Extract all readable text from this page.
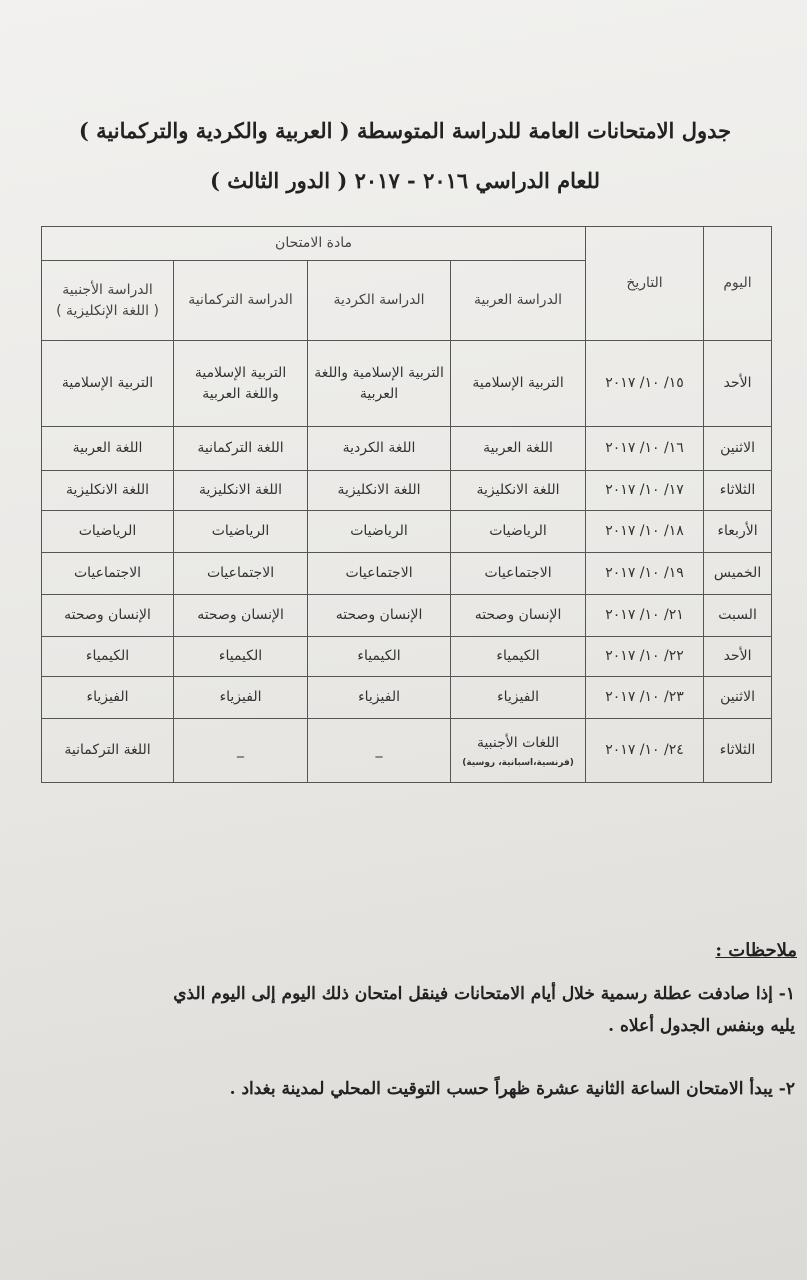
جدول الامتحانات العامة للدراسة المتوسطة ( العربية والكردية والتركمانية )
للعام الدراسي ٢٠١٦ - ٢٠١٧ ( الدور الثالث )
اليوم	التاريخ	مادة الامتحان			
		الدراسة العربية	الدراسة الكردية	الدراسة التركمانية	الدراسة الأجنبية
( اللغة الإنكليزية )
الأحد	١٥/ ١٠/ ٢٠١٧	التربية الإسلامية	التربية الإسلامية واللغة العربية	التربية الإسلامية واللغة العربية	التربية الإسلامية
الاثنين	١٦/ ١٠/ ٢٠١٧	اللغة العربية	اللغة الكردية	اللغة التركمانية	اللغة العربية
الثلاثاء	١٧/ ١٠/ ٢٠١٧	اللغة الانكليزية	اللغة الانكليزية	اللغة الانكليزية	اللغة الانكليزية
الأربعاء	١٨/ ١٠/ ٢٠١٧	الرياضيات	الرياضيات	الرياضيات	الرياضيات
الخميس	١٩/ ١٠/ ٢٠١٧	الاجتماعيات	الاجتماعيات	الاجتماعيات	الاجتماعيات
السبت	٢١/ ١٠/ ٢٠١٧	الإنسان وصحته	الإنسان وصحته	الإنسان وصحته	الإنسان وصحته
الأحد	٢٢/ ١٠/ ٢٠١٧	الكيمياء	الكيمياء	الكيمياء	الكيمياء
الاثنين	٢٣/ ١٠/ ٢٠١٧	الفيزياء	الفيزياء	الفيزياء	الفيزياء
الثلاثاء	٢٤/ ١٠/ ٢٠١٧	اللغات الأجنبية
(فرنسية،اسبانية، روسية)	_	_	اللغة التركمانية
ملاحظات :
١- إذا صادفت عطلة رسمية خلال أيام الامتحانات فينقل امتحان ذلك اليوم إلى اليوم الذي
يليه وبنفس الجدول أعلاه .
٢- يبدأ الامتحان الساعة الثانية عشرة ظهراً حسب التوقيت المحلي لمدينة بغداد .
